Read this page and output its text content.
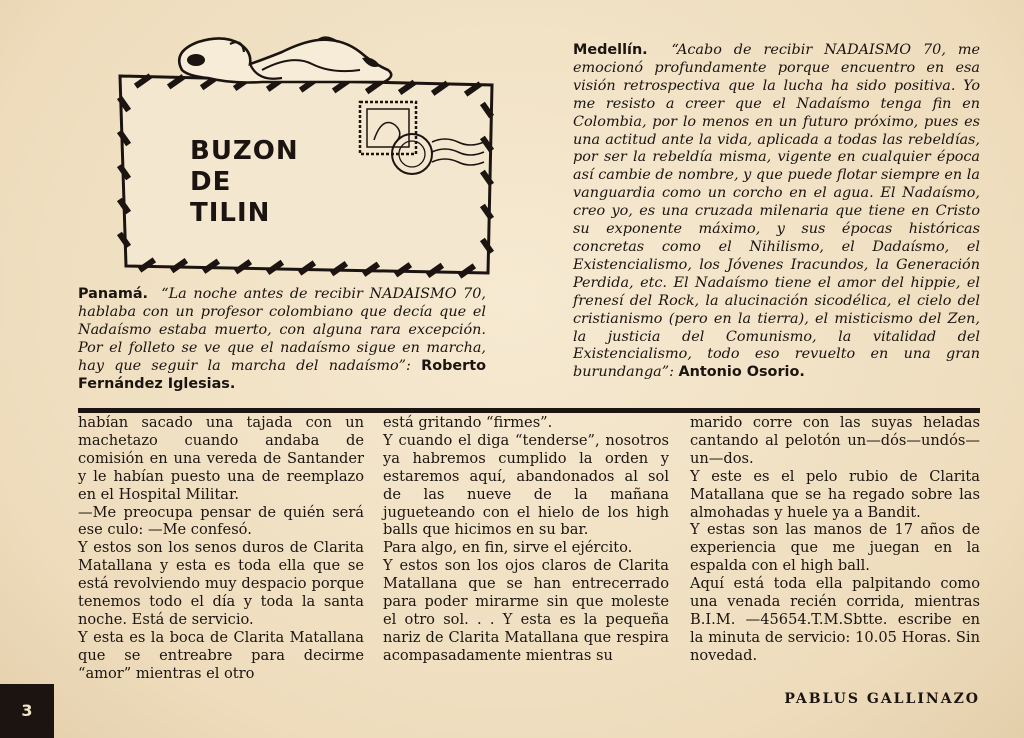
BUZON
DE
TILIN
Panamá. “La noche antes de recibir NADAISMO 70, hablaba con un profesor colombiano que decía que el Nadaísmo estaba muerto, con alguna rara excepción. Por el folleto se ve que el nadaísmo sigue en marcha, hay que seguir la marcha del nadaísmo”: Roberto Fernández Iglesias.
Medellín. “Acabo de recibir NADAISMO 70, me emocionó profundamente porque encuentro en esa visión retrospectiva que la lucha ha sido positiva. Yo me resisto a creer que el Nadaísmo tenga fin en Colombia, por lo menos en un futuro próximo, pues es una actitud ante la vida, aplicada a todas las rebeldías, por ser la rebeldía misma, vigente en cualquier época así cambie de nombre, y que puede flotar siempre en la vanguardia como un corcho en el agua. El Nadaísmo, creo yo, es una cruzada milenaria que tiene en Cristo su exponente máximo, y sus épocas históricas concretas como el Nihilismo, el Dadaísmo, el Existencialismo, los Jóvenes Iracundos, la Generación Perdida, etc. El Nadaísmo tiene el amor del hippie, el frenesí del Rock, la alucinación sicodélica, el cielo del cristianismo (pero en la tierra), el misticismo del Zen, la justicia del Comunismo, la vitalidad del Existencialismo, todo eso revuelto en una gran burundanga”: Antonio Osorio.

habían sacado una tajada con un machetazo cuando andaba de comisión en una vereda de Santander y le habían puesto una de reemplazo en el Hospital Militar.

—Me preocupa pensar de quién será ese culo: —Me confesó.

Y estos son los senos duros de Clarita Matallana y esta es toda ella que se está revolviendo muy despacio porque tenemos todo el día y toda la santa noche. Está de servicio.

Y esta es la boca de Clarita Matallana que se entreabre para decirme “amor” mientras el otro

está gritando “firmes”.

Y cuando el diga “tenderse”, nosotros ya habremos cumplido la orden y estaremos aquí, abandonados al sol de las nueve de la mañana jugueteando con el hielo de los high balls que hicimos en su bar.

Para algo, en fin, sirve el ejército.

Y estos son los ojos claros de Clarita Matallana que se han entrecerrado para poder mirarme sin que moleste el otro sol. . . Y esta es la pequeña nariz de Clarita Matallana que respira acompasadamente mientras su

marido corre con las suyas heladas cantando al pelotón un—dós—undós—un—dos.

Y este es el pelo rubio de Clarita Matallana que se ha regado sobre las almohadas y huele ya a Bandit.

Y estas son las manos de 17 años de experiencia que me juegan en la espalda con el high ball.

Aquí está toda ella palpitando como una venada recién corrida, mientras B.I.M. —45654.T.M.Sbtte. escribe en la minuta de servicio: 10.05 Horas. Sin novedad.

PABLUS GALLINAZO
3
